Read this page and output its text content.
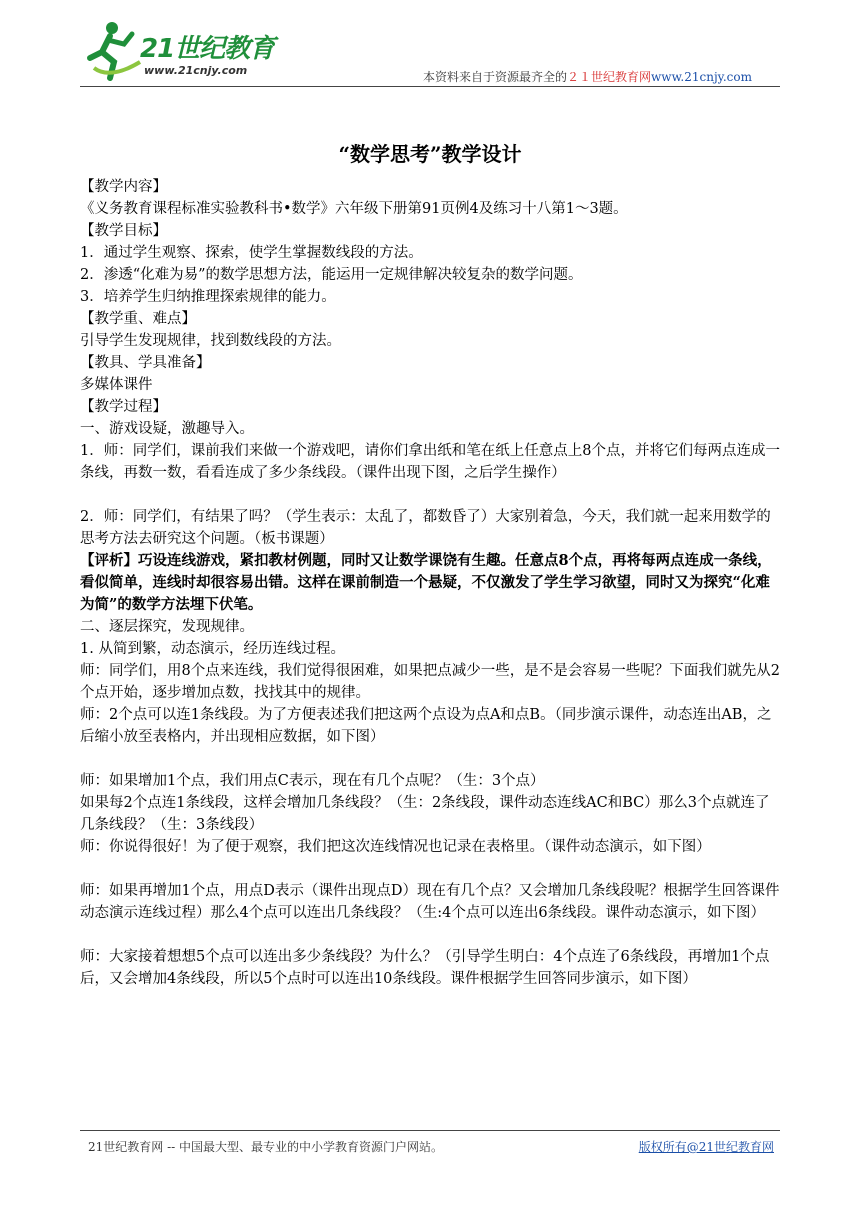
21世纪教育
www.21cnjy.com	本资料来自于资源最齐全的２１世纪教育网www.21cnjy.com
“数学思考”教学设计

【教学内容】

《义务教育课程标准实验教科书•数学》六年级下册第91页例4及练习十八第1～3题。

【教学目标】

1．通过学生观察、探索，使学生掌握数线段的方法。

2．渗透“化难为易”的数学思想方法，能运用一定规律解决较复杂的数学问题。

3．培养学生归纳推理探索规律的能力。

【教学重、难点】

引导学生发现规律，找到数线段的方法。

【教具、学具准备】

多媒体课件

【教学过程】

一、游戏设疑，激趣导入。

1．师：同学们，课前我们来做一个游戏吧，请你们拿出纸和笔在纸上任意点上8个点，并将它们每两点连成一条线，再数一数，看看连成了多少条线段。（课件出现下图，之后学生操作）

2．师：同学们，有结果了吗？（学生表示：太乱了，都数昏了）大家别着急，今天，我们就一起来用数学的思考方法去研究这个问题。（板书课题）

【评析】巧设连线游戏，紧扣教材例题，同时又让数学课饶有生趣。任意点8个点，再将每两点连成一条线，看似简单，连线时却很容易出错。这样在课前制造一个悬疑，不仅激发了学生学习欲望，同时又为探究“化难为简”的数学方法埋下伏笔。

二、逐层探究，发现规律。

1. 从简到繁，动态演示，经历连线过程。

师：同学们，用8个点来连线，我们觉得很困难，如果把点减少一些，是不是会容易一些呢？下面我们就先从2个点开始，逐步增加点数，找找其中的规律。

师：2个点可以连1条线段。为了方便表述我们把这两个点设为点A和点B。（同步演示课件，动态连出AB，之后缩小放至表格内，并出现相应数据，如下图）

师：如果增加1个点，我们用点C表示，现在有几个点呢？（生：3个点）

如果每2个点连1条线段，这样会增加几条线段？（生：2条线段，课件动态连线AC和BC）那么3个点就连了几条线段？（生：3条线段）

师：你说得很好！为了便于观察，我们把这次连线情况也记录在表格里。（课件动态演示，如下图）

师：如果再增加1个点，用点D表示（课件出现点D）现在有几个点？又会增加几条线段呢？根据学生回答课件动态演示连线过程）那么4个点可以连出几条线段？（生:4个点可以连出6条线段。课件动态演示，如下图）

师：大家接着想想5个点可以连出多少条线段？为什么？（引导学生明白：4个点连了6条线段，再增加1个点后，又会增加4条线段，所以5个点时可以连出10条线段。课件根据学生回答同步演示，如下图）

21世纪教育网 -- 中国最大型、最专业的中小学教育资源门户网站。	版权所有@21世纪教育网
